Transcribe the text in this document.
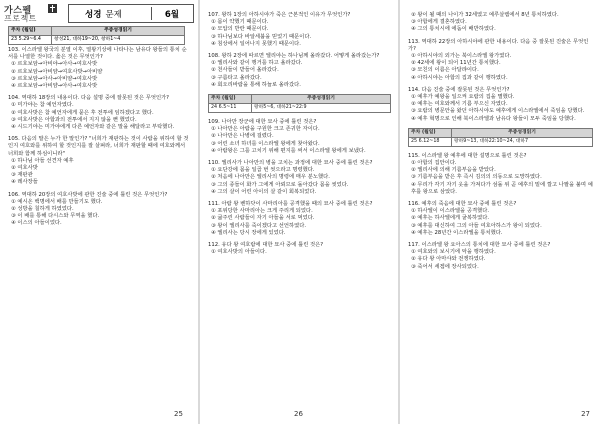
가스펠
프로젝트	성경 문제	6월
주차 (월일)	주중성경읽기
23 5.29~6.4	창성21, 대하19~20, 창하1~4
103. 이스라엘 왕국의 분열 이후, 열왕기상에 나타나는 남유다 왕들의 통치 순서를 나열한 것이다. 옳은 것은 무엇인가?
① 르호보암→아비야→아사→여호사밧
② 르호보암→아비얌→여호사밧→아비얌
③ 르호보암→아사→아비얌→여호사밧
④ 르호보암→아비얌→아사→여호사밧
104. 역대하 18장의 내용이다. 다음 설명 중에 잘못된 것은 무엇인가?
① 미가야는 참 예언자였다.
② 여호사밧은 참 예언자에게 묻은 후 전투에 임하겠다고 했다.
③ 여호사밧은 아합과의 전투에서 지지 않을 뻔 했었다.
④ 시드기야는 미가야에게 다른 예언자와 같은 말을 해달라고 부탁했다.
105. 다음의 말은 누가 한 말인가? "너희가 재판하는 것이 사람을 위하여 할 것인지 여호와를 위하여 할 것인지를 잘 살펴라, 너희가 재판할 때에 여호와께서 너희와 함께 하심이니라"
① 하나님 아들 선견자 예후
② 여호사밧
③ 재판관
④ 레사장들
106. 역대하 20장의 여호사밧에 관한 진술 중에 틀린 것은 무엇인가?
① 예시온 백명에서 배를 만들기도 했다.
② 성방을 칠하게 하였었다.
③ 이 배를 통해 다시스와 무역을 했다.
④ 이스의 아들이었다.
25
107. 왕하 1장의 아하시야가 죽은 근본적인 이유가 무엇인가?
① 몸이 약했기 때문이다.
② 모압의 반란 때문이다.
③ 하나님보다 바알세붑을 믿었기 때문이다.
④ 침상에서 일어나지 못했기 때문이다.
108. 왕하 2장에 따르면 엘리야는 하나님께 올라갔다. 어떻게 올라갔는가?
① 엘리사와 같이 행거를 하고 올라갔다.
② 천사들이 받들어 올라갔다.
③ 구름타고 올라갔다.
④ 회오리바람을 통해 하늘로 올라갔다.
주차 (월일)	주중성경읽기
24 6.5~11	왕하5~6, 대하21~22:9
109. 나아만 장군에 대한 묘사 중에 틀린 것은?
① 나아만은 아람을 구원한 크고 존귀한 자이다.
② 나아만은 나병에 걸렸다.
③ 어린 소녀 하녀를 이스라엘 왕에게 찾아왔다.
④ 아람왕은 그를 고치기 위해 편지를 써서 이스라엘 왕에게 보냈다.
110. 엘리사가 나아만의 병을 고치는 과정에 대한 묘사 중에 틀린 것은?
① 요단강에 몸을 일곱 번 씻으라고 명령했다.
② 처음에 나아만은 엘리사의 명령에 매우 분노했다.
③ 그의 종들이 화가 그에게 아뢰므로 돌아갔다 몸을 씻었다.
④ 그의 살이 어린 아이의 살 같이 회복되었다.
111. 아람 왕 벤하닷이 사마리아를 공격했을 때의 묘사 중에 틀린 것은?
① 포위당한 사마리아는 크게 주리게 되었다.
② 굶주린 사람들이 자기 아들을 서로 먹었다.
③ 왕이 엘리사를 죽이겠다고 선언하였다.
④ 엘리사는 당시 장에게 있었다.
112. 유다 왕 여호람에 대한 묘사 중에 틀린 것은?
① 여호사밧의 아들이다.
26
② 왕이 될 때의 나이가 32세였고 예루살렘에서 8년 통치하였다.
③ 아합에게 결혼하였다.
④ 그의 통치시에 에돔이 배반하였다.
113. 역대하 22장의 아하시야에 관한 내용이다. 다음 중 잘못된 진술은 무엇인가?
① 아하시야의 외가는 북이스라엘 왕가였다.
② 42세에 왕이 되어 11년간 통치했다.
③ 모친의 이름은 아달랴이다.
④ 아하시야는 아합의 집과 같이 행하였다.
114. 다음 진술 중에 잘못된 것은 무엇인가?
① 예후가 예왕을 일으켜 요람의 집을 멸했다.
② 예후는 여호와께서 기름 부으신 자였다.
③ 요람의 병문안을 왔던 아하시야도 예후에게 이스라엘에서 죽임을 당했다.
④ 예후 혁명으로 인해 북이스라엘과 남유다 왕들이 모두 죽임을 당했다.
주차 (월일)	주중성경읽기
25 6.12~18	왕하9~13, 대하22:10~24, 대하7
115. 이스라엘 왕 예후에 대한 설명으로 틀린 것은?
① 아합의 집안이다.
② 엘리사에 의해 기름부음을 받았다.
③ 기름부음을 받은 후 즉시 김의의 의동으로 도망하였다.
④ 무리가 각기 자기 옷을 가져다가 섬돌 위 곧 예후의 밑에 깔고 나팔을 불며 예후를 왕으로 삼았다.
116. 예후의 죽음에 대한 묘사 중에 틀린 것은?
① 하사엘이 이스라엘을 공격했다.
② 예후는 하사엘에게 굴복하였다.
③ 예후를 대신하여 그의 아들 여호아하스가 왕이 되었다.
④ 예후는 28년간 이스라엘을 통치했다.
117. 이스라엘 왕 요아스의 통치에 대한 묘사 중에 틀린 것은?
① 여호와의 보시기에 악을 행하였다.
② 유다 왕 아마샤와 전쟁하였다.
③ 죽어서 세겜에 장사되었다.
27
